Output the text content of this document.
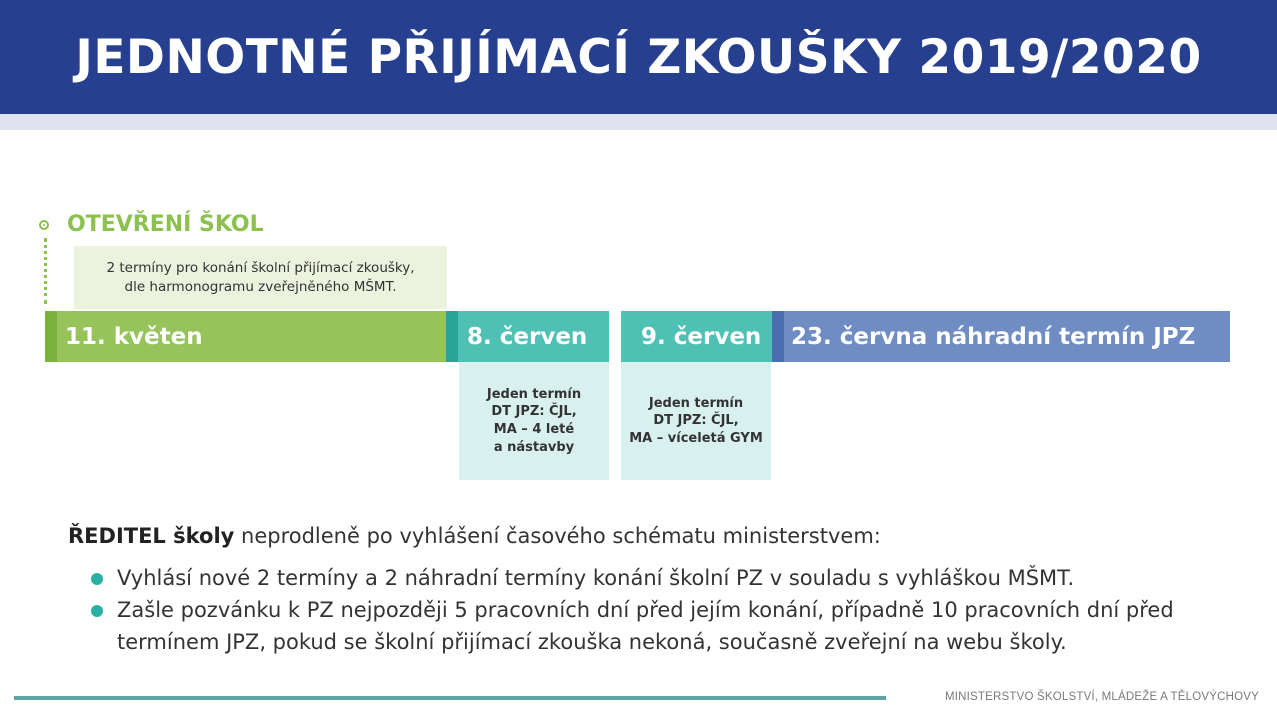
JEDNOTNÉ PŘIJÍMACÍ ZKOUŠKY 2019/2020
OTEVŘENÍ ŠKOL
2 termíny pro konání školní přijímací zkoušky,
dle harmonogramu zveřejněného MŠMT.
11. květen	8. červen 9. červen 23. června náhradní termín JPZ
Jeden termín
DT JPZ: ČJL,
MA – 4 leté
a nástavby
Jeden termín
DT JPZ: ČJL,
MA – víceletá GYM
ŘEDITEL školy neprodleně po vyhlášení časového schématu ministerstvem:
Vyhlásí nové 2 termíny a 2 náhradní termíny konání školní PZ v souladu s vyhláškou MŠMT.
Zašle pozvánku k PZ nejpozději 5 pracovních dní před jejím konání, případně 10 pracovních dní před termínem JPZ, pokud se školní přijímací zkouška nekoná, současně zveřejní na webu školy.
MINISTERSTVO ŠKOLSTVÍ, MLÁDEŽE A TĚLOVÝCHOVY
